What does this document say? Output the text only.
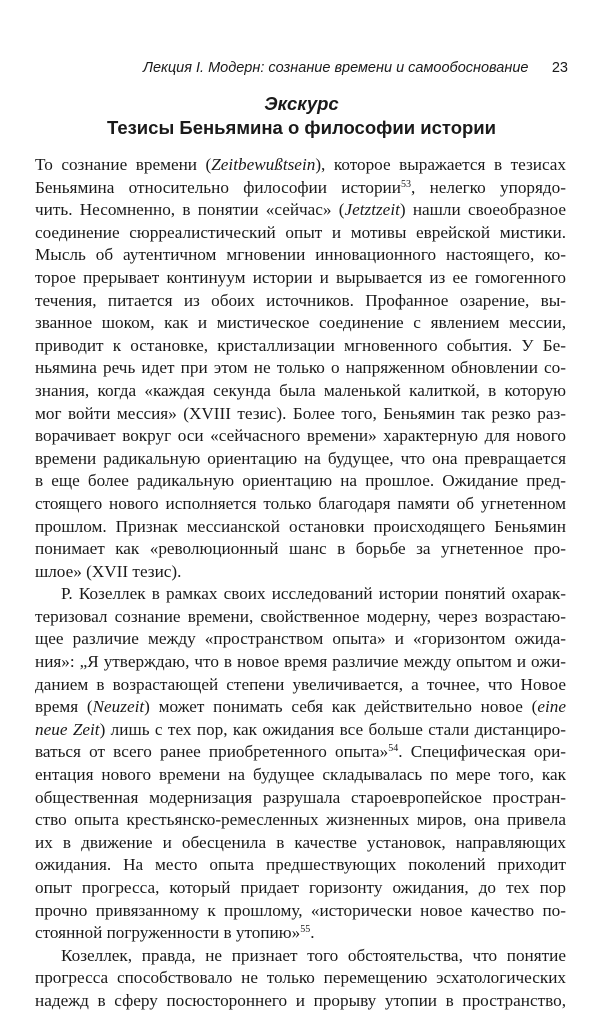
Лекция I. Модерн: сознание времени и самообоснование 23
Экскурс
Тезисы Беньямина о философии истории

То сознание времени (Zeitbewußtsein), которое выражается в тезисах
Беньямина относительно философии истории$^{53}$, нелегко упорядо-
чить. Несомненно, в понятии «сейчас» (Jetztzeit) нашли своеобразное
соединение сюрреалистический опыт и мотивы еврейской мистики.
Мысль об аутентичном мгновении инновационного настоящего, ко-
торое прерывает континуум истории и вырывается из ее гомогенного
течения, питается из обоих источников. Профанное озарение, вы-
званное шоком, как и мистическое соединение с явлением мессии,
приводит к остановке, кристаллизации мгновенного события. У Бе-
ньямина речь идет при этом не только о напряженном обновлении со-
знания, когда «каждая секунда была маленькой калиткой, в которую
мог войти мессия» (XVIII тезис). Более того, Беньямин так резко раз-
ворачивает вокруг оси «сейчасного времени» характерную для нового
времени радикальную ориентацию на будущее, что она превращается
в еще более радикальную ориентацию на прошлое. Ожидание пред-
стоящего нового исполняется только благодаря памяти об угнетенном
прошлом. Признак мессианской остановки происходящего Беньямин
понимает как «революционный шанс в борьбе за угнетенное про-
шлое» (XVII тезис).

Р. Козеллек в рамках своих исследований истории понятий охарак-
теризовал сознание времени, свойственное модерну, через возрастаю-
щее различие между «пространством опыта» и «горизонтом ожида-
ния»: „Я утверждаю, что в новое время различие между опытом и ожи-
данием в возрастающей степени увеличивается, а точнее, что Новое
время (Neuzeit) может понимать себя как действительно новое (eine
neue Zeit) лишь с тех пор, как ожидания все больше стали дистанциро-
ваться от всего ранее приобретенного опыта»$^{54}$. Специфическая ори-
ентация нового времени на будущее складывалась по мере того, как
общественная модернизация разрушала староевропейское простран-
ство опыта крестьянско-ремесленных жизненных миров, она привела
их в движение и обесценила в качестве установок, направляющих
ожидания. На место опыта предшествующих поколений приходит
опыт прогресса, который придает горизонту ожидания, до тех пор
прочно привязанному к прошлому, «исторически новое качество по-
стоянной погруженности в утопию»$^{55}$.

Козеллек, правда, не признает того обстоятельства, что понятие
прогресса способствовало не только перемещению эсхатологических
надежд в сферу посюстороннего и прорыву утопии в пространство,
